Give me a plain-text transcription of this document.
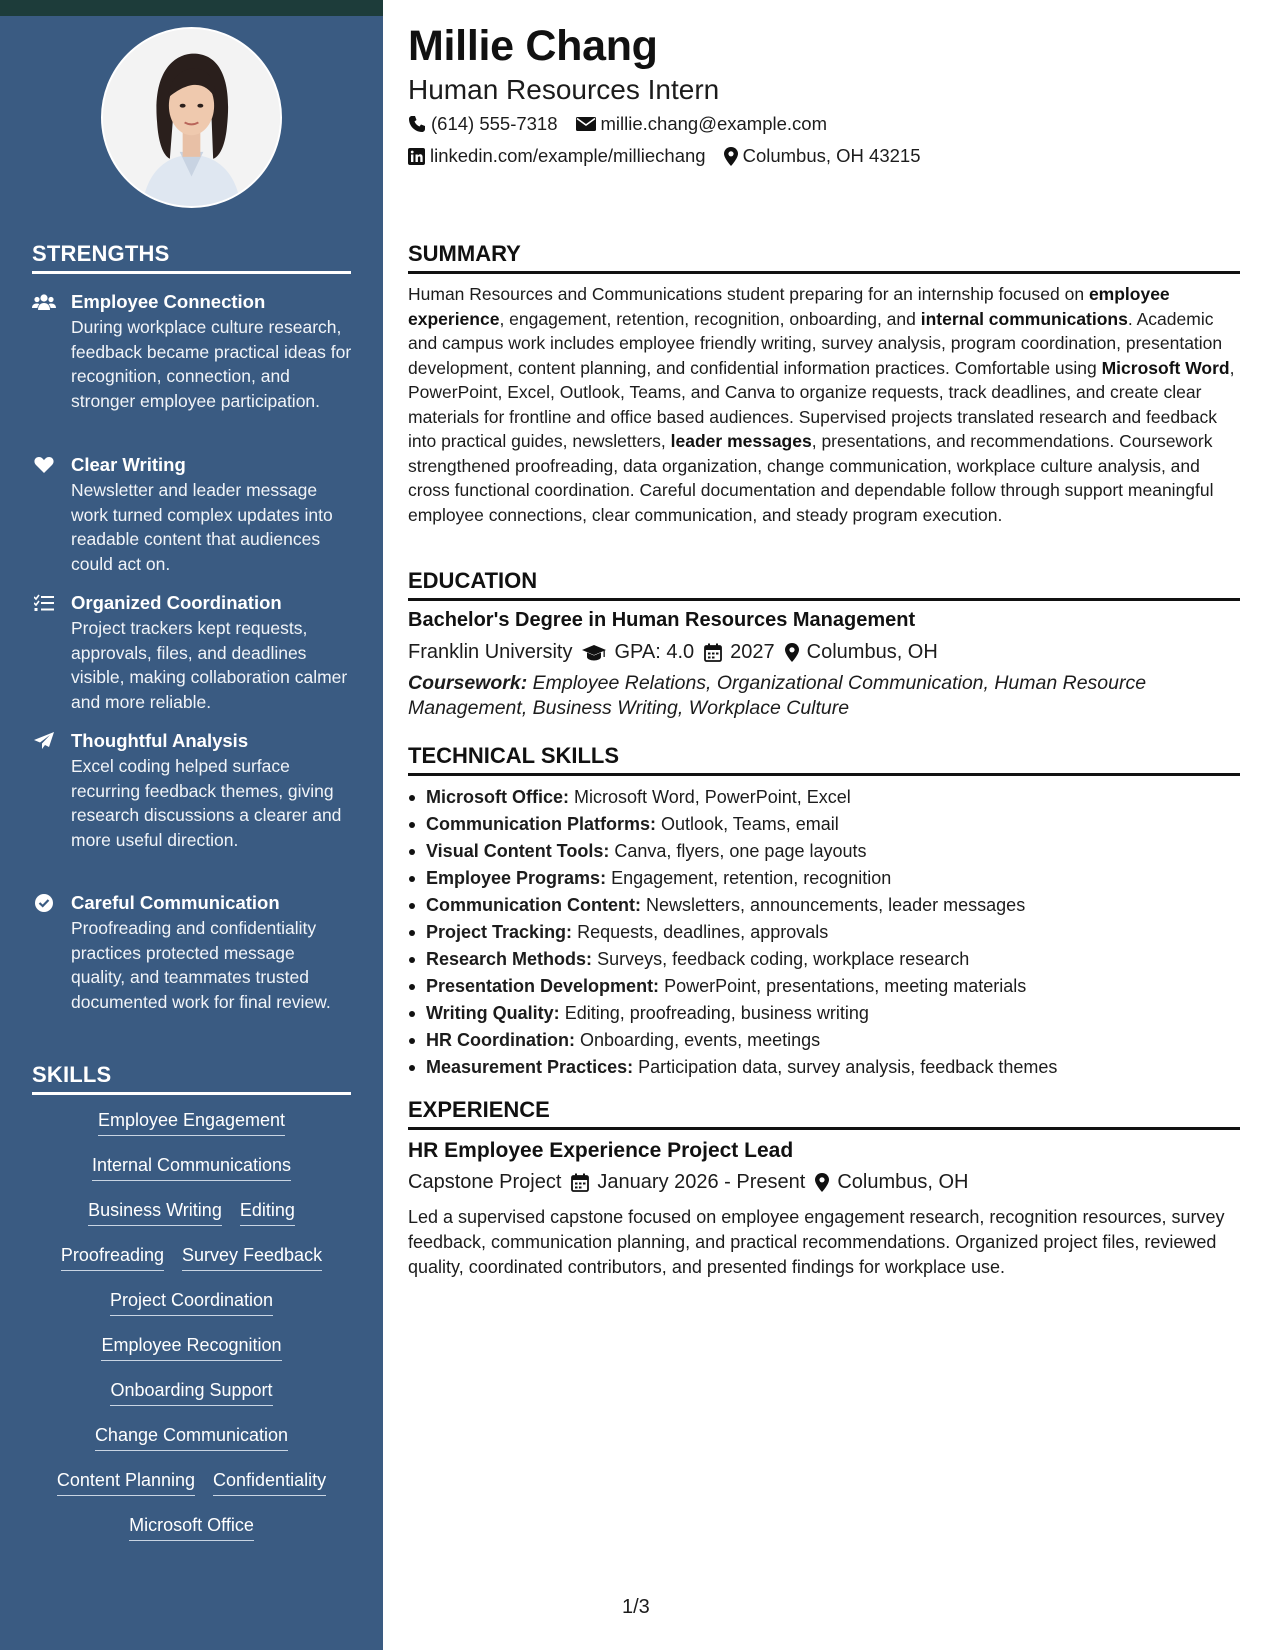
STRENGTHS
Employee Connection
During workplace culture research, feedback became practical ideas for recognition, connection, and stronger employee participation.
Clear Writing
Newsletter and leader message work turned complex updates into readable content that audiences could act on.
Organized Coordination
Project trackers kept requests, approvals, files, and deadlines visible, making collaboration calmer and more reliable.
Thoughtful Analysis
Excel coding helped surface recurring feedback themes, giving research discussions a clearer and more useful direction.
Careful Communication
Proofreading and confidentiality practices protected message quality, and teammates trusted documented work for final review.
SKILLS
Employee Engagement
Internal Communications
Business Writing Editing
Proofreading Survey Feedback
Project Coordination
Employee Recognition
Onboarding Support
Change Communication
Content Planning Confidentiality
Microsoft Office
Millie Chang
Human Resources Intern
(614) 555-7318 millie.chang@example.com
linkedin.com/example/milliechang Columbus, OH 43215
SUMMARY

Human Resources and Communications student preparing for an internship focused on employee experience, engagement, retention, recognition, onboarding, and internal communications. Academic and campus work includes employee friendly writing, survey analysis, program coordination, presentation development, content planning, and confidential information practices. Comfortable using Microsoft Word, PowerPoint, Excel, Outlook, Teams, and Canva to organize requests, track deadlines, and create clear materials for frontline and office based audiences. Supervised projects translated research and feedback into practical guides, newsletters, leader messages, presentations, and recommendations. Coursework strengthened proofreading, data organization, change communication, workplace culture analysis, and cross functional coordination. Careful documentation and dependable follow through support meaningful employee connections, clear communication, and steady program execution.

EDUCATION
Bachelor's Degree in Human Resources Management
Franklin University GPA: 4.0 2027 Columbus, OH
Coursework: Employee Relations, Organizational Communication, Human Resource Management, Business Writing, Workplace Culture
TECHNICAL SKILLS
Microsoft Office: Microsoft Word, PowerPoint, Excel
Communication Platforms: Outlook, Teams, email
Visual Content Tools: Canva, flyers, one page layouts
Employee Programs: Engagement, retention, recognition
Communication Content: Newsletters, announcements, leader messages
Project Tracking: Requests, deadlines, approvals
Research Methods: Surveys, feedback coding, workplace research
Presentation Development: PowerPoint, presentations, meeting materials
Writing Quality: Editing, proofreading, business writing
HR Coordination: Onboarding, events, meetings
Measurement Practices: Participation data, survey analysis, feedback themes
EXPERIENCE
HR Employee Experience Project Lead
Capstone Project January 2026 - Present Columbus, OH

Led a supervised capstone focused on employee engagement research, recognition resources, survey feedback, communication planning, and practical recommendations. Organized project files, reviewed quality, coordinated contributors, and presented findings for workplace use.

1/3
